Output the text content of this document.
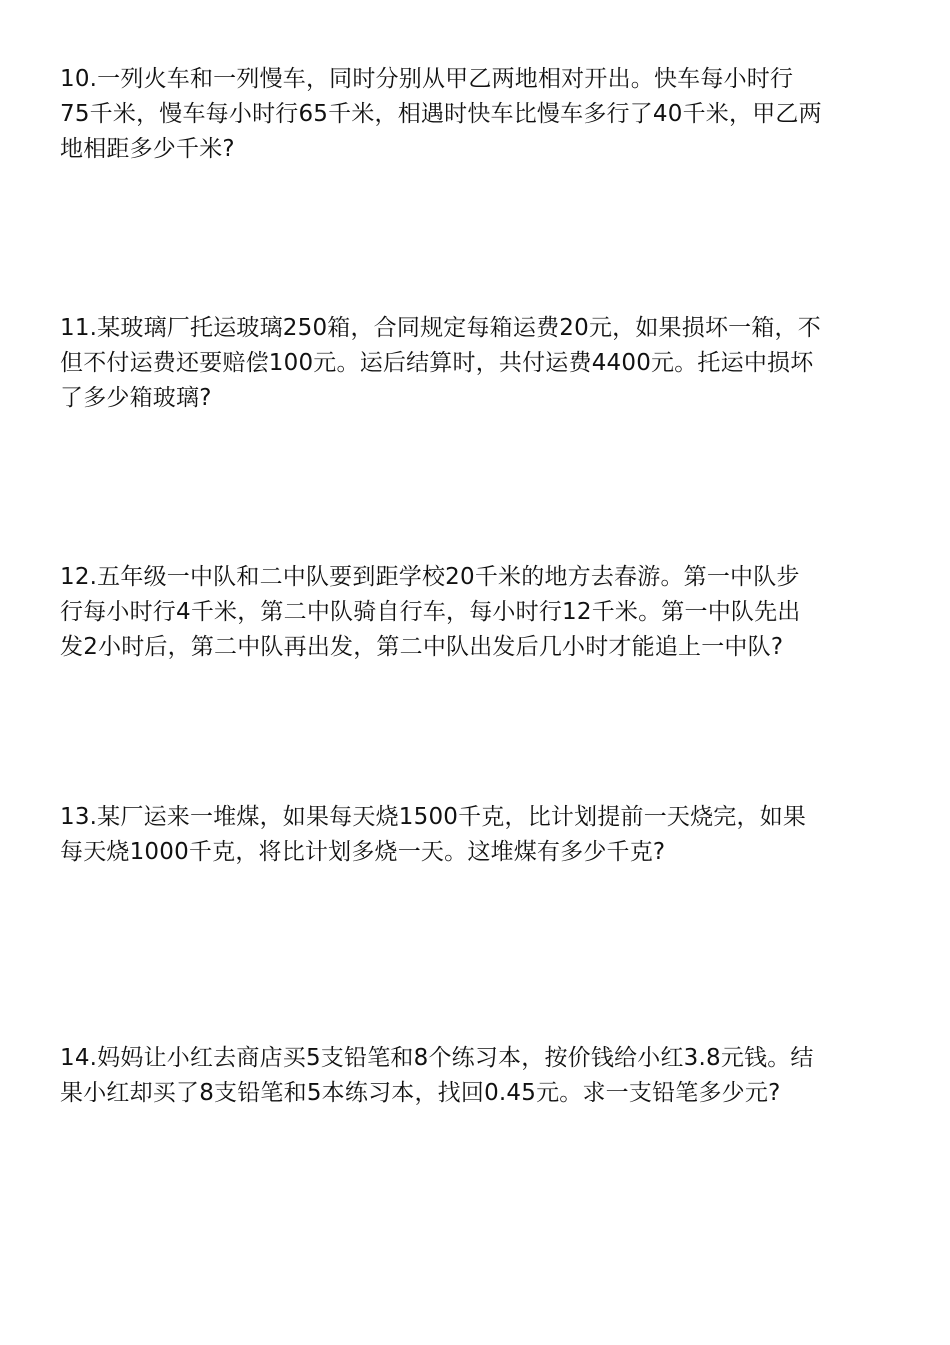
10.一列火车和一列慢车，同时分别从甲乙两地相对开出。快车每小时行
75千米，慢车每小时行65千米，相遇时快车比慢车多行了40千米，甲乙两
地相距多少千米?

11.某玻璃厂托运玻璃250箱，合同规定每箱运费20元，如果损坏一箱，不
但不付运费还要赔偿100元。运后结算时，共付运费4400元。托运中损坏
了多少箱玻璃?

12.五年级一中队和二中队要到距学校20千米的地方去春游。第一中队步
行每小时行4千米，第二中队骑自行车，每小时行12千米。第一中队先出
发2小时后，第二中队再出发，第二中队出发后几小时才能追上一中队?

13.某厂运来一堆煤，如果每天烧1500千克，比计划提前一天烧完，如果
每天烧1000千克，将比计划多烧一天。这堆煤有多少千克?

14.妈妈让小红去商店买5支铅笔和8个练习本，按价钱给小红3.8元钱。结
果小红却买了8支铅笔和5本练习本，找回0.45元。求一支铅笔多少元?
